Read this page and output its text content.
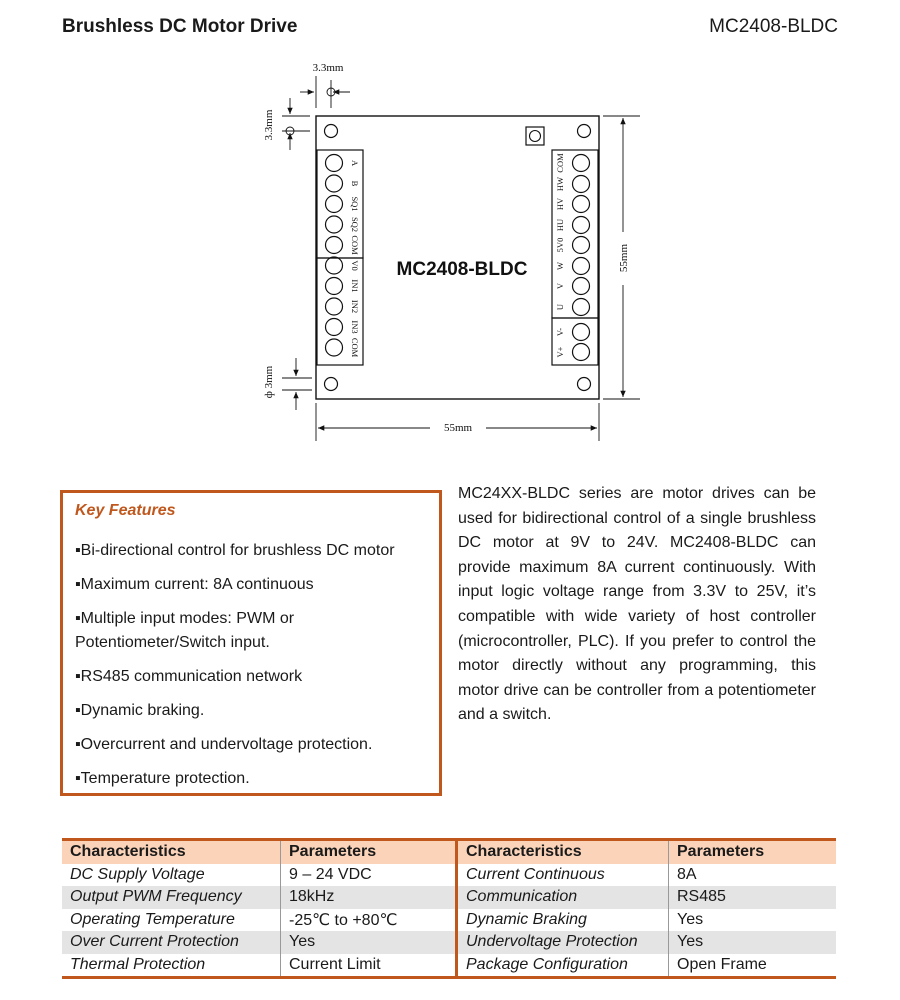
Brushless DC Motor Drive	MC2408-BLDC
A
B
SQ1
SQ2
COM
V0
IN1
IN2
IN3
COM
COM
HW
HV
HU
5V0
W
V
U
V-
V+
MC2408-BLDC
3.3mm
3.3mm
ф 3mm
55mm
55mm
Key Features
▪ Bi-directional control for brushless DC motor
▪ Maximum current: 8A continuous
▪ Multiple input modes: PWM or Potentiometer/Switch input.
▪ RS485 communication network
▪ Dynamic braking.
▪ Overcurrent and undervoltage protection.
▪ Temperature protection.
MC24XX-BLDC series are motor drives can be used for bidirectional control of a single brushless DC motor at 9V to 24V. MC2408-BLDC can provide maximum 8A current continuously. With input logic voltage range from 3.3V to 25V, it’s compatible with wide variety of host controller (microcontroller, PLC). If you prefer to control the motor directly without any programming, this motor drive can be controller from a potentiometer and a switch.
Characteristics	Parameters	Characteristics	Parameters
DC Supply Voltage	9 – 24 VDC	Current Continuous	8A
Output PWM Frequency	18kHz	Communication	RS485
Operating Temperature	-25℃ to +80℃	Dynamic Braking	Yes
Over Current Protection	Yes	Undervoltage Protection	Yes
Thermal Protection	Current Limit	Package Configuration	Open Frame
